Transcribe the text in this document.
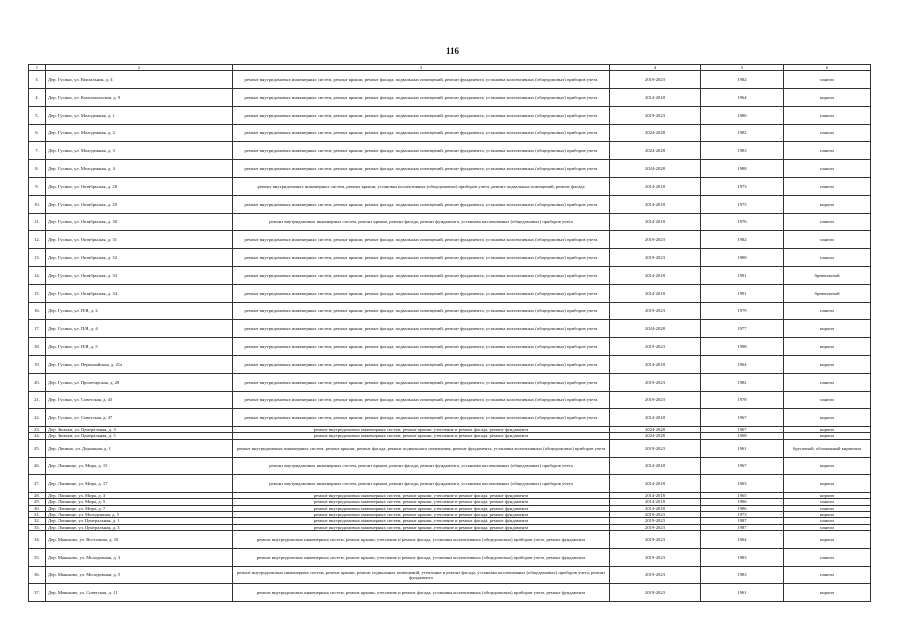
116
1	2	3	4	5	6
3.	Дер. Гусино, ул. Вокзальная, д. 4	ремонт внутридомовых инженерных систем, ремонт крыши, ремонт фасада, подвальных помещений, ремонт фундамента, установка коллективных (общедомовых) приборов учета	2019-2023	1982	панели
4.	Дер. Гусино, ул. Комсомольская, д. 9	ремонт внутридомовых инженерных систем, ремонт крыши, ремонт фасада, подвальных помещений, ремонт фундамента, установка коллективных (общедомовых) приборов учета	2014-2018	1964	кирпич
5.	Дер. Гусино, ул. Молодежная, д. 1	ремонт внутридомовых инженерных систем, ремонт крыши, ремонт фасада, подвальных помещений, ремонт фундамента, установка коллективных (общедомовых) приборов учета	2019-2023	1980	панели
6.	Дер. Гусино, ул. Молодежная, д. 2	ремонт внутридомовых инженерных систем, ремонт крыши, ремонт фасада, подвальных помещений, ремонт фундамента, установка коллективных (общедомовых) приборов учета	2024-2028	1982	панели
7.	Дер. Гусино, ул. Молодежная, д. 3	ремонт внутридомовых инженерных систем, ремонт крыши, ремонт фасада, подвальных помещений, ремонт фундамента, установка коллективных (общедомовых) приборов учета	2024-2028	1983	панели
8.	Дер. Гусино, ул. Молодежная, д. 4	ремонт внутридомовых инженерных систем, ремонт крыши, ремонт фасада, подвальных помещений, ремонт фундамента, установка коллективных (общедомовых) приборов учета	2024-2028	1988	панели
9.	Дер. Гусино, ул. Октябрьская, д. 28	ремонт внутридомовых инженерных систем, ремонт крыши, установка коллективных (общедомовых) приборов учета, ремонт подвальных помещений, ремонт фасада	2014-2018	1973	панели
10.	Дер. Гусино, ул. Октябрьская, д. 29	ремонт внутридомовых инженерных систем, ремонт крыши, ремонт фасада, подвальных помещений, ремонт фундамента, установка коллективных (общедомовых) приборов учета	2014-2018	1975	кирпич
11.	Дер. Гусино, ул. Октябрьская, д. 30	ремонт внутридомовых инженерных систем, ремонт крыши, ремонт фасада, ремонт фундамента, установка коллективных (общедомовых) приборов учета	2014-2018	1976	панели
12.	Дер. Гусино, ул. Октябрьская, д. 31	ремонт внутридомовых инженерных систем, ремонт крыши, ремонт фасада, подвальных помещений, ремонт фундамента, установка коллективных (общедомовых) приборов учета	2019-2023	1982	панели
13.	Дер. Гусино, ул. Октябрьская, д. 32	ремонт внутридомовых инженерных систем, ремонт крыши, ремонт фасада, подвальных помещений, ремонт фундамента, установка коллективных (общедомовых) приборов учета	2019-2023	1988	панели
14.	Дер. Гусино, ул. Октябрьская, д. 33	ремонт внутридомовых инженерных систем, ремонт крыши, ремонт фасада, подвальных помещений, ремонт фундамента, установка коллективных (общедомовых) приборов учета	2014-2018	1991	бревенчатый
15.	Дер. Гусино, ул. Октябрьская, д. 34	ремонт внутридомовых инженерных систем, ремонт крыши, ремонт фасада, подвальных помещений, ремонт фундамента, установка коллективных (общедомовых) приборов учета	2014-2018	1991	бревенчатый
16.	Дер. Гусино, ул. П/Я, д. 2	ремонт внутридомовых инженерных систем, ремонт крыши, ремонт фасада, подвальных помещений, ремонт фундамента, установка коллективных (общедомовых) приборов учета	2019-2023	1979	панели
17.	Дер. Гусино, ул. П/Я, д. 4	ремонт внутридомовых инженерных систем, ремонт крыши, ремонт фасада, подвальных помещений, ремонт фундамента, установка коллективных (общедомовых) приборов учета	2024-2028	1977	кирпич
18.	Дер. Гусино, ул. П/Я, д. 5	ремонт внутридомовых инженерных систем, ремонт крыши, ремонт фасада, подвальных помещений, ремонт фундамента, установка коллективных (общедомовых) приборов учета	2019-2023	1998	кирпич
19.	Дер. Гусино, ул. Первомайская, д. 21а	ремонт внутридомовых инженерных систем, ремонт крыши, ремонт фасада, подвальных помещений, ремонт фундамента, установка коллективных (общедомовых) приборов учета	2014-2018	1964	кирпич
20.	Дер. Гусино, ул. Пролетарская, д. 28	ремонт внутридомовых инженерных систем, ремонт крыши, ремонт фасада, подвальных помещений, ремонт фундамента, установка коллективных (общедомовых) приборов учета	2019-2023	1982	панели
21.	Дер. Гусино, ул. Советская, д. 43	ремонт внутридомовых инженерных систем, ремонт крыши, ремонт фасада, подвальных помещений, ремонт фундамента, установка коллективных (общедомовых) приборов учета	2019-2023	1978	панели
22.	Дер. Гусино, ул. Советская, д. 47	ремонт внутридомовых инженерных систем, ремонт крыши, ремонт фасада, подвальных помещений, ремонт фундамента, установка коллективных (общедомовых) приборов учета	2014-2018	1967	кирпич
23.	Дер. Зюзьки, ул. Центральная, д. 3	ремонт внутридомовых инженерных систем, ремонт крыши, утепление и ремонт фасада, ремонт фундамента	2024-2028	1967	кирпич
24.	Дер. Зюзьки, ул. Центральная, д. 5	ремонт внутридомовых инженерных систем, ремонт крыши, утепление и ремонт фасада, ремонт фундамента	2024-2028	1968	кирпич
25.	Дер. Липино, ул. Дорожная, д. 1	ремонт внутридомовых инженерных систем, ремонт крыши, ремонт фасада, ремонт подвального помещения, ремонт фундамента, установка коллективных (общедомовых) приборов учета	2019-2023	1961	брусчатый, обложенный кирпичом
26.	Дер. Лоинище, ул. Мира, д. 15	ремонт внутридомовых инженерных систем, ремонт крыши, ремонт фасада, ремонт фундамента, установка коллективных (общедомовых) приборов учета	2014-2018	1967	кирпич
27.	Дер. Лоинище, ул. Мира, д. 17	ремонт внутридомовых инженерных систем, ремонт крыши, ремонт фасада, ремонт фундамента, установка коллективных (общедомовых) приборов учета	2014-2018	1963	кирпич
28.	Дер. Лоинище, ул. Мира, д. 3	ремонт внутридомовых инженерных систем, ремонт крыши, утепление и ремонт фасада, ремонт фундамента	2014-2018	1965	кирпич
29.	Дер. Лоинище, ул. Мира, д. 5	ремонт внутридомовых инженерных систем, ремонт крыши, утепление и ремонт фасада, ремонт фундамента	2014-2018	1986	панели
30.	Дер. Лоинище, ул. Мира, д. 7	ремонт внутридомовых инженерных систем, ремонт крыши, утепление и ремонт фасада, ремонт фундамента	2014-2018	1986	панели
31.	Дер. Лоинище, ул. Молодежная, д. 5	ремонт внутридомовых инженерных систем, ремонт крыши, утепление и ремонт фасада, ремонт фундамента	2019-2023	1973	кирпич
32.	Дер. Лоинище, ул. Центральная, д. 1	ремонт внутридомовых инженерных систем, ремонт крыши, утепление и ремонт фасада, ремонт фундамента	2019-2023	1987	панели
33.	Дер. Лоинище, ул. Центральная, д. 3	ремонт внутридомовых инженерных систем, ремонт крыши, утепление и ремонт фасада, ремонт фундамента	2019-2023	1987	панели
34.	Дер. Маньково, ул. Восточная, д. 10	ремонт внутридомовых инженерных систем, ремонт крыши, утепление и ремонт фасада, установка коллективных (общедомовых) приборов учета, ремонт фундамента	2019-2023	1964	кирпич
35.	Дер. Маньково, ул. Молодежная, д. 3	ремонт внутридомовых инженерных систем, ремонт крыши, утепление и ремонт фасада, установка коллективных (общедомовых) приборов учета, ремонт фундамента	2019-2023	1983	панели
36.	Дер. Маньково, ул. Молодежная, д. 5	ремонт внутридомовых инженерных систем, ремонт крыши, ремонт подвальных помещений, утепление и ремонт фасада, установка коллективных (общедомовых) приборов учета, ремонт фундамента	2019-2023	1983	панели
37.	Дер. Маньково, ул. Советская, д. 11	ремонт внутридомовых инженерных систем, ремонт крыши, утепление и ремонт фасада, установка коллективных (общедомовых) приборов учета, ремонт фундамента	2019-2023	1961	кирпич
